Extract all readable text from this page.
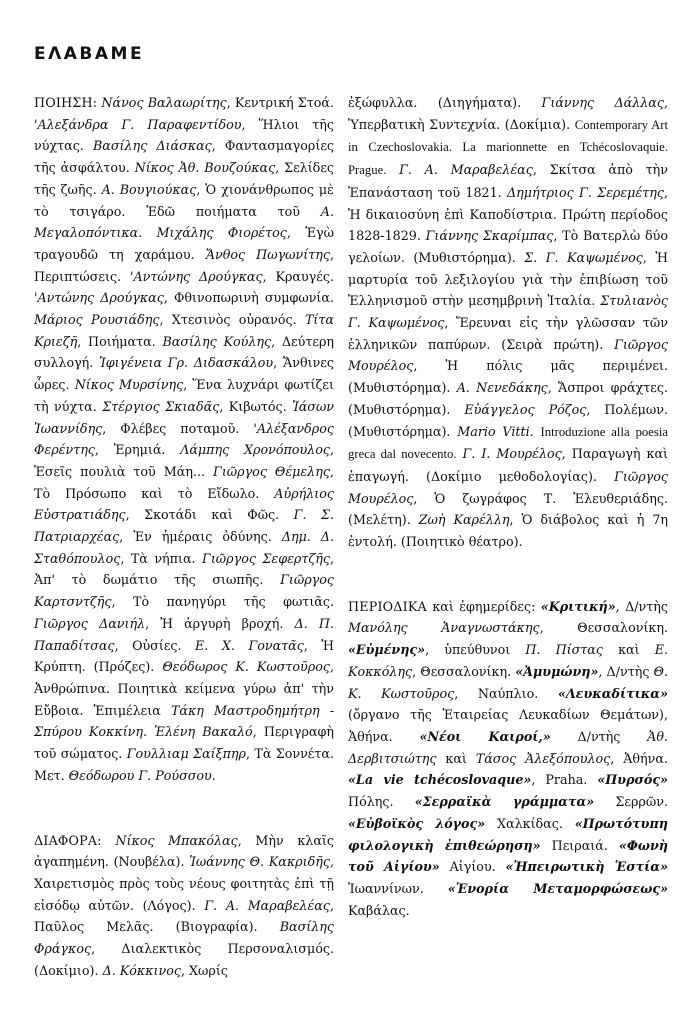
ΕΛΑΒΑΜΕ

ΠΟΙΗΣΗ: Νάνος Βαλαωρίτης, Κεντρική Στοά. 'Αλεξάνδρα Γ. Παραφεντίδου, Ἥλιοι τῆς νύχτας. Βασίλης Διάσκας, Φαντασμαγορίες τῆς ἀσφάλτου. Νίκος Ἀθ. Βουζούκας, Σελίδες τῆς ζωῆς. Α. Βουγιούκας, Ὁ χιονάνθρωπος μὲ τὸ τσιγάρο. Ἐδῶ ποιήματα τοῦ Α. Μεγαλοπόντικα. Μιχάλης Φιορέτος, Ἐγὼ τραγουδῶ τη χαράμου. Ἄνθος Πωγωνίτης, Περιπτώσεις. 'Αντώνης Δρούγκας, Κραυγές. 'Αντώνης Δρούγκας, Φθινοπωρινὴ συμφωνία. Μάριος Ρουσιάδης, Χτεσινὸς οὐρανός. Τίτα Κριεζῆ, Ποιήματα. Βασίλης Κούλης, Δεύτερη συλλογή. Ἰφιγένεια Γρ. Διδασκάλου, Ἄνθινες ὧρες. Νίκος Μυρσίνης, Ἕνα λυχνάρι φωτίζει τὴ νύχτα. Στέργιος Σκιαδᾶς, Κιβωτός. Ἰάσων Ἰωαννίδης, Φλέβες ποταμοῦ. 'Αλέξανδρος Φερέντης, Ἐρημιά. Λάμπης Χρονόπουλος, Ἐσεῖς πουλιὰ τοῦ Μάη... Γιῶργος Θέμελης, Τὸ Πρόσωπο καὶ τὸ Εἴδωλο. Αὐρήλιος Εὐστρατιάδης, Σκοτάδι καὶ Φῶς. Γ. Σ. Πατριαρχέας, Ἐν ἡμέραις ὀδύνης. Δημ. Δ. Σταθόπουλος, Τὰ νήπια. Γιῶργος Σεφερτζῆς, Ἀπ' τὸ δωμάτιο τῆς σιωπῆς. Γιῶργος Καρτσντζῆς, Τὸ πανηγύρι τῆς φωτιᾶς. Γιῶργος Δανιήλ, Ἡ ἀργυρὴ βροχή. Δ. Π. Παπαδίτσας, Οὐσίες. Ε. Χ. Γονατᾶς, Ἡ Κρύπτη. (Πρόζες). Θεόδωρος Κ. Κωστοῦρος, Ἀνθρώπινα. Ποιητικὰ κείμενα γύρω ἀπ' τὴν Εὔβοια. Ἐπιμέλεια Τάκη Μαστροδημήτρη - Σπύρου Κοκκίνη. Ἐλένη Βακαλό, Περιγραφὴ τοῦ σώματος. Γουλλιαμ Σαίξπηρ, Τὰ Σοννέτα. Μετ. Θεόδωρου Γ. Ρούσσου.

ΔΙΑΦΟΡΑ: Νίκος Μπακόλας, Μὴν κλαῖς ἀγαπημένη. (Νουβέλα). Ἰωάννης Θ. Κακριδῆς, Χαιρετισμὸς πρὸς τοὺς νέους φοιτητὰς ἐπὶ τῇ εἰσόδῳ αὐτῶν. (Λόγος). Γ. Α. Μαραβελέας, Παῦλος Μελᾶς. (Βιογραφία). Βασίλης Φράγκος, Διαλεκτικὸς Περσοναλισμός. (Δοκίμιο). Δ. Κόκκινος, Χωρίς

ἐξώφυλλα. (Διηγήματα). Γιάννης Δάλλας, Ὑπερβατικὴ Συντεχνία. (Δοκίμια). Contemporary Art in Czechoslovakia. La marionnette en Tchécoslovaquie. Prague. Γ. Α. Μαραβελέας, Σκίτσα ἀπὸ τὴν Ἐπανάσταση τοῦ 1821. Δημήτριος Γ. Σερεμέτης, Ἡ δικαιοσύνη ἐπὶ Καποδίστρια. Πρώτη περίοδος 1828-1829. Γιάννης Σκαρίμπας, Τὸ Βατερλὼ δύο γελοίων. (Μυθιστόρημα). Σ. Γ. Καψωμένος, Ἡ μαρτυρία τοῦ λεξιλογίου γιὰ τὴν ἐπιβίωση τοῦ Ἑλληνισμοῦ στὴν μεσημβρινὴ Ἰταλία. Στυλιανὸς Γ. Καψωμένος, Ἔρευναι εἰς τὴν γλῶσσαν τῶν ἑλληνικῶν παπύρων. (Σειρὰ πρώτη). Γιῶργος Μουρέλος, Ἡ πόλις μᾶς περιμένει. (Μυθιστόρημα). Α. Νενεδάκης, Ἄσπροι φράχτες. (Μυθιστόρημα). Εὐάγγελος Ρόζος, Πολέμων. (Μυθιστόρημα). Mario Vitti. Introduzione alla poesia greca dal novecento. Γ. Ι. Μουρέλος, Παραγωγὴ καὶ ἐπαγωγή. (Δοκίμιο μεθοδολογίας). Γιῶργος Μουρέλος, Ὁ ζωγράφος Τ. Ἐλευθεριάδης. (Μελέτη). Ζωὴ Καρέλλη, Ὁ διάβολος καὶ ἡ 7η ἐντολή. (Ποιητικὸ θέατρο).

ΠΕΡΙΟΔΙΚΑ καὶ ἐφημερίδες: «Κριτική», Δ/ντὴς Μανόλης Ἀναγνωστάκης, Θεσσαλονίκη. «Εὐμένης», ὑπεύθυνοι Π. Πίστας καὶ Ε. Κοκκόλης, Θεσσαλονίκη. «Ἀμυμώνη», Δ/ντὴς Θ. Κ. Κωστοῦρος, Ναύπλιο. «Λευκαδίτικα» (ὄργανο τῆς Ἑταιρείας Λευκαδίων Θεμάτων), Ἀθήνα. «Νέοι Καιροί,» Δ/ντὴς Ἀθ. Δερβιτσιώτης καὶ Τάσος Ἀλεξόπουλος, Ἀθήνα. «La vie tchécoslovaque», Praha. «Πυρσός» Πόλης. «Σερραϊκὰ γράμματα» Σερρῶν. «Εὐβοϊκὸς λόγος» Χαλκίδας. «Πρωτότυπη φιλολογικὴ ἐπιθεώρηση» Πειραιά. «Φωνὴ τοῦ Αἰγίου» Αἰγίου. «Ἠπειρωτικὴ Ἑστία» Ἰωαννίνων. «Ἐνορία Μεταμορφώσεως» Καβάλας.
